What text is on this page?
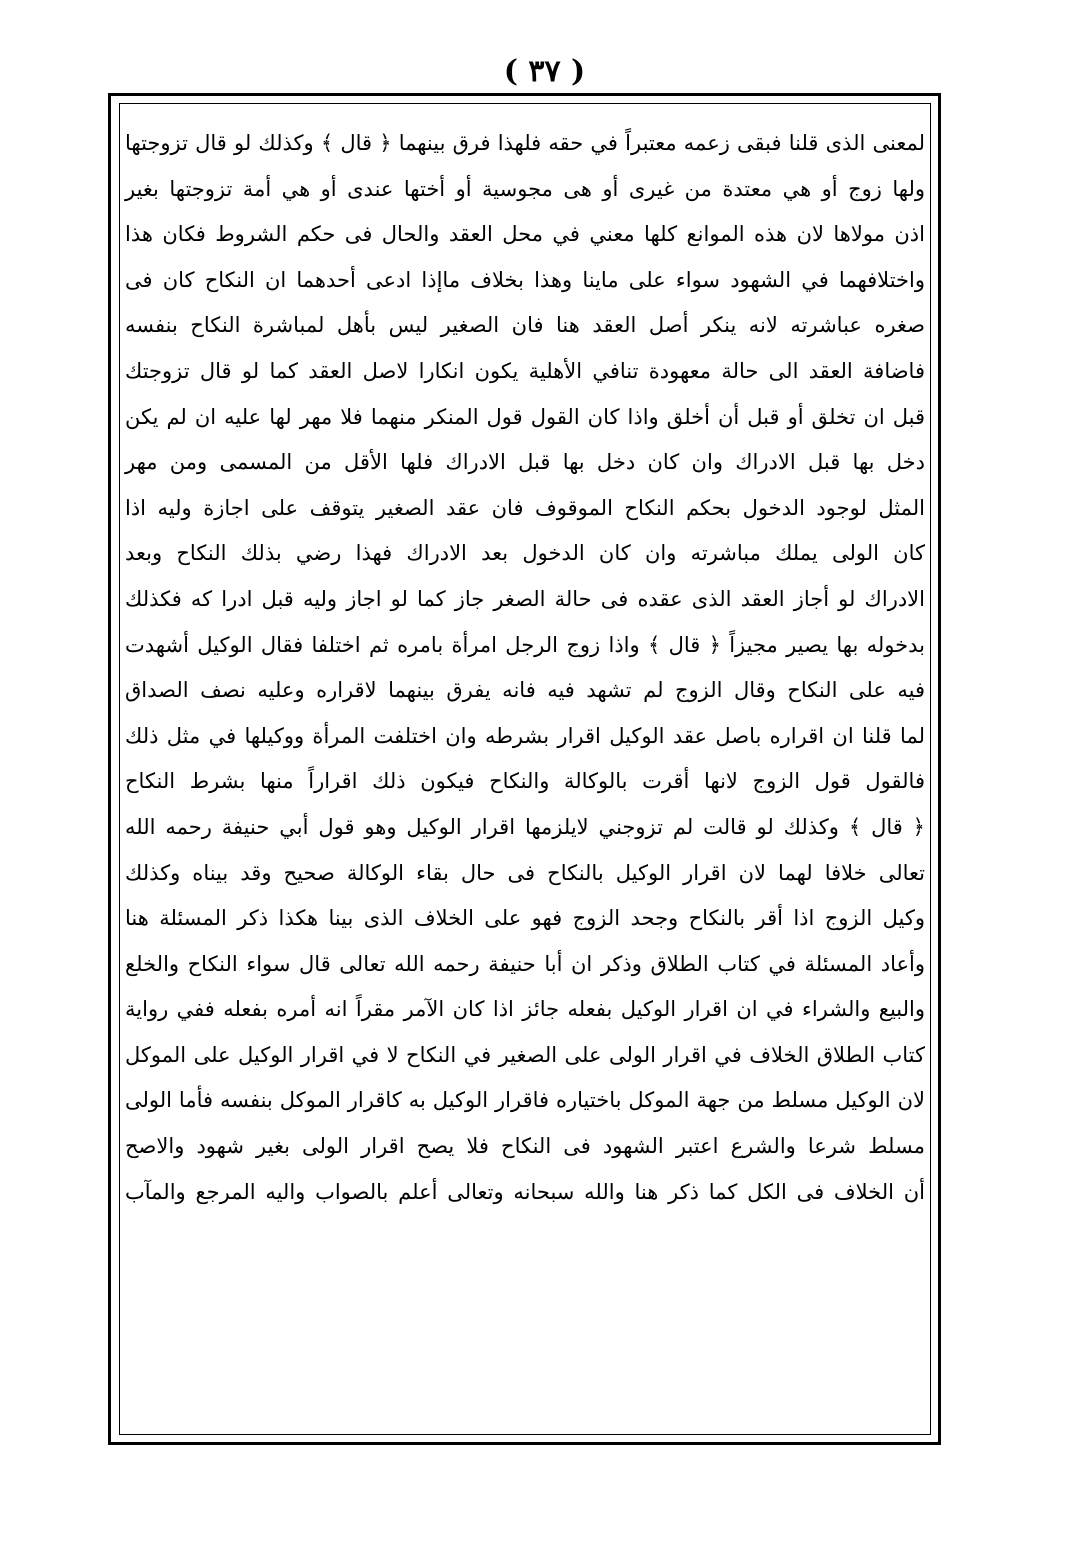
( ٣٧ )
لمعنى الذى قلنا فبقى زعمه معتبراً في حقه فلهذا فرق بينهما ﴿ قال ﴾ وكذلك لو قال تزوجتها
ولها زوج أو هي معتدة من غيرى أو هى مجوسية أو أختها عندى أو هي أمة تزوجتها بغير
اذن مولاها لان هذه الموانع كلها معني في محل العقد والحال فى حكم الشروط فكان هذا
واختلافهما في الشهود سواء على ماينا وهذا بخلاف ماإذا ادعى أحدهما ان النكاح كان فى
صغره عباشرته لانه ينكر أصل العقد هنا فان الصغير ليس بأهل لمباشرة النكاح بنفسه
فاضافة العقد الى حالة معهودة تنافي الأهلية يكون انكارا لاصل العقد كما لو قال تزوجتك
قبل ان تخلق أو قبل أن أخلق واذا كان القول قول المنكر منهما فلا مهر لها عليه ان لم يكن
دخل بها قبل الادراك وان كان دخل بها قبل الادراك فلها الأقل من المسمى ومن مهر
المثل لوجود الدخول بحكم النكاح الموقوف فان عقد الصغير يتوقف على اجازة وليه اذا
كان الولى يملك مباشرته وان كان الدخول بعد الادراك فهذا رضي بذلك النكاح وبعد
الادراك لو أجاز العقد الذى عقده فى حالة الصغر جاز كما لو اجاز وليه قبل ادرا كه فكذلك
بدخوله بها يصير مجيزاً ﴿ قال ﴾ واذا زوج الرجل امرأة بامره ثم اختلفا فقال الوكيل أشهدت
فيه على النكاح وقال الزوج لم تشهد فيه فانه يفرق بينهما لاقراره وعليه نصف الصداق
لما قلنا ان اقراره باصل عقد الوكيل اقرار بشرطه وان اختلفت المرأة ووكيلها في مثل ذلك
فالقول قول الزوج لانها أقرت بالوكالة والنكاح فيكون ذلك اقراراً منها بشرط النكاح
﴿ قال ﴾ وكذلك لو قالت لم تزوجني لايلزمها اقرار الوكيل وهو قول أبي حنيفة رحمه الله
تعالى خلافا لهما لان اقرار الوكيل بالنكاح فى حال بقاء الوكالة صحيح وقد بيناه وكذلك
وكيل الزوج اذا أقر بالنكاح وجحد الزوج فهو على الخلاف الذى بينا هكذا ذكر المسئلة هنا
وأعاد المسئلة في كتاب الطلاق وذكر ان أبا حنيفة رحمه الله تعالى قال سواء النكاح والخلع
والبيع والشراء في ان اقرار الوكيل بفعله جائز اذا كان الآمر مقراً انه أمره بفعله ففي رواية
كتاب الطلاق الخلاف في اقرار الولى على الصغير في النكاح لا في اقرار الوكيل على الموكل
لان الوكيل مسلط من جهة الموكل باختياره فاقرار الوكيل به كاقرار الموكل بنفسه فأما الولى
مسلط شرعا والشرع اعتبر الشهود فى النكاح فلا يصح اقرار الولى بغير شهود والاصح
أن الخلاف فى الكل كما ذكر هنا والله سبحانه وتعالى أعلم بالصواب واليه المرجع والمآب
